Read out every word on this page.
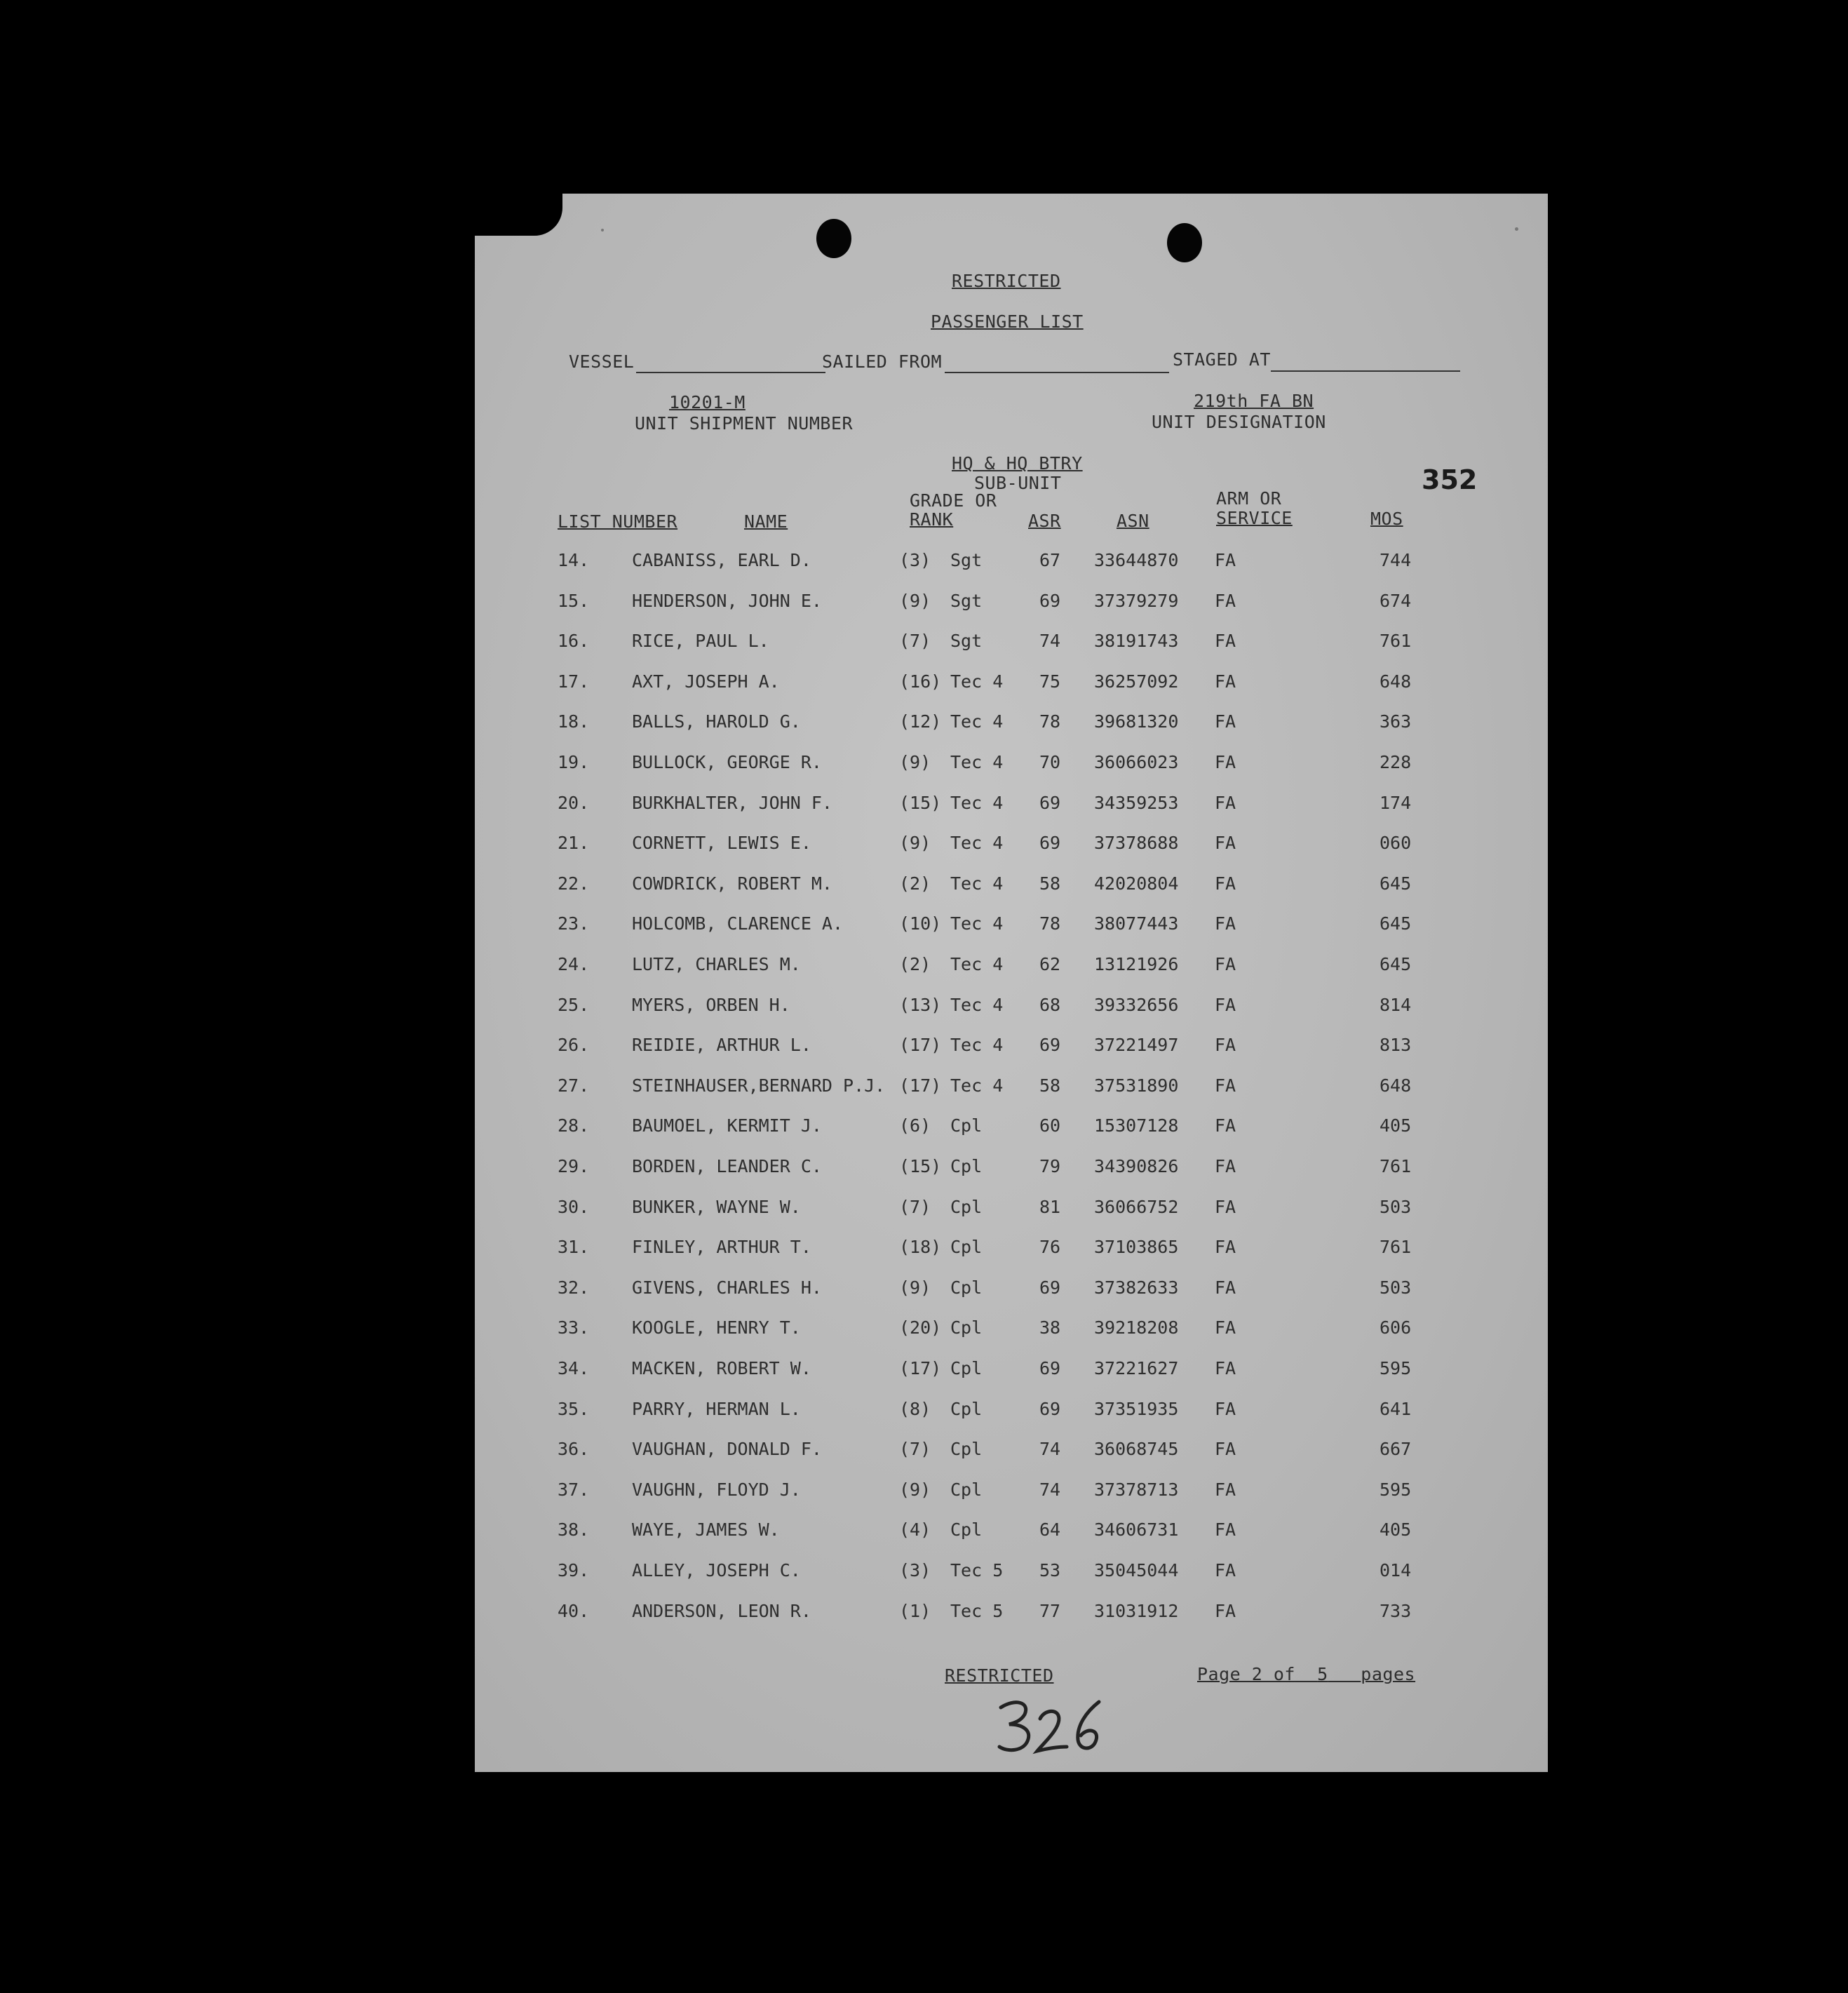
RESTRICTED
PASSENGER LIST
VESSEL	SAILED FROM	STAGED AT
10201-M
UNIT SHIPMENT NUMBER
219th FA BN
UNIT DESIGNATION
HQ & HQ BTRY
SUB-UNIT	352
GRADE OR
RANK
ARM OR
SERVICE
LIST NUMBER	NAME	ASR	ASN	MOS
14. CABANISS, EARL D.	(3) Sgt	67 33644870 FA	744
15. HENDERSON, JOHN E.	(9) Sgt	69 37379279 FA	674
16. RICE, PAUL L.	(7) Sgt	74 38191743 FA	761
17. AXT, JOSEPH A.	(16) Tec 4 75 36257092 FA	648
18. BALLS, HAROLD G.	(12) Tec 4 78 39681320 FA	363
19. BULLOCK, GEORGE R.	(9) Tec 4 70 36066023 FA	228
20. BURKHALTER, JOHN F.	(15) Tec 4 69 34359253 FA	174
21. CORNETT, LEWIS E.	(9) Tec 4 69 37378688 FA	060
22. COWDRICK, ROBERT M.	(2) Tec 4 58 42020804 FA	645
23. HOLCOMB, CLARENCE A.	(10) Tec 4 78 38077443 FA	645
24. LUTZ, CHARLES M.	(2) Tec 4 62 13121926 FA	645
25. MYERS, ORBEN H.	(13) Tec 4 68 39332656 FA	814
26. REIDIE, ARTHUR L.	(17) Tec 4 69 37221497 FA	813
27. STEINHAUSER,BERNARD P.J. (17) Tec 4 58 37531890 FA	648
28. BAUMOEL, KERMIT J.	(6) Cpl	60 15307128 FA	405
29. BORDEN, LEANDER C.	(15) Cpl	79 34390826 FA	761
30. BUNKER, WAYNE W.	(7) Cpl	81 36066752 FA	503
31. FINLEY, ARTHUR T.	(18) Cpl	76 37103865 FA	761
32. GIVENS, CHARLES H.	(9) Cpl	69 37382633 FA	503
33. KOOGLE, HENRY T.	(20) Cpl	38 39218208 FA	606
34. MACKEN, ROBERT W.	(17) Cpl	69 37221627 FA	595
35. PARRY, HERMAN L.	(8) Cpl	69 37351935 FA	641
36. VAUGHAN, DONALD F.	(7) Cpl	74 36068745 FA	667
37. VAUGHN, FLOYD J.	(9) Cpl	74 37378713 FA	595
38. WAYE, JAMES W.	(4) Cpl	64 34606731 FA	405
39. ALLEY, JOSEPH C.	(3) Tec 5 53 35045044 FA	014
40. ANDERSON, LEON R.	(1) Tec 5 77 31031912 FA	733
RESTRICTED	Page 2 of 5 pages
